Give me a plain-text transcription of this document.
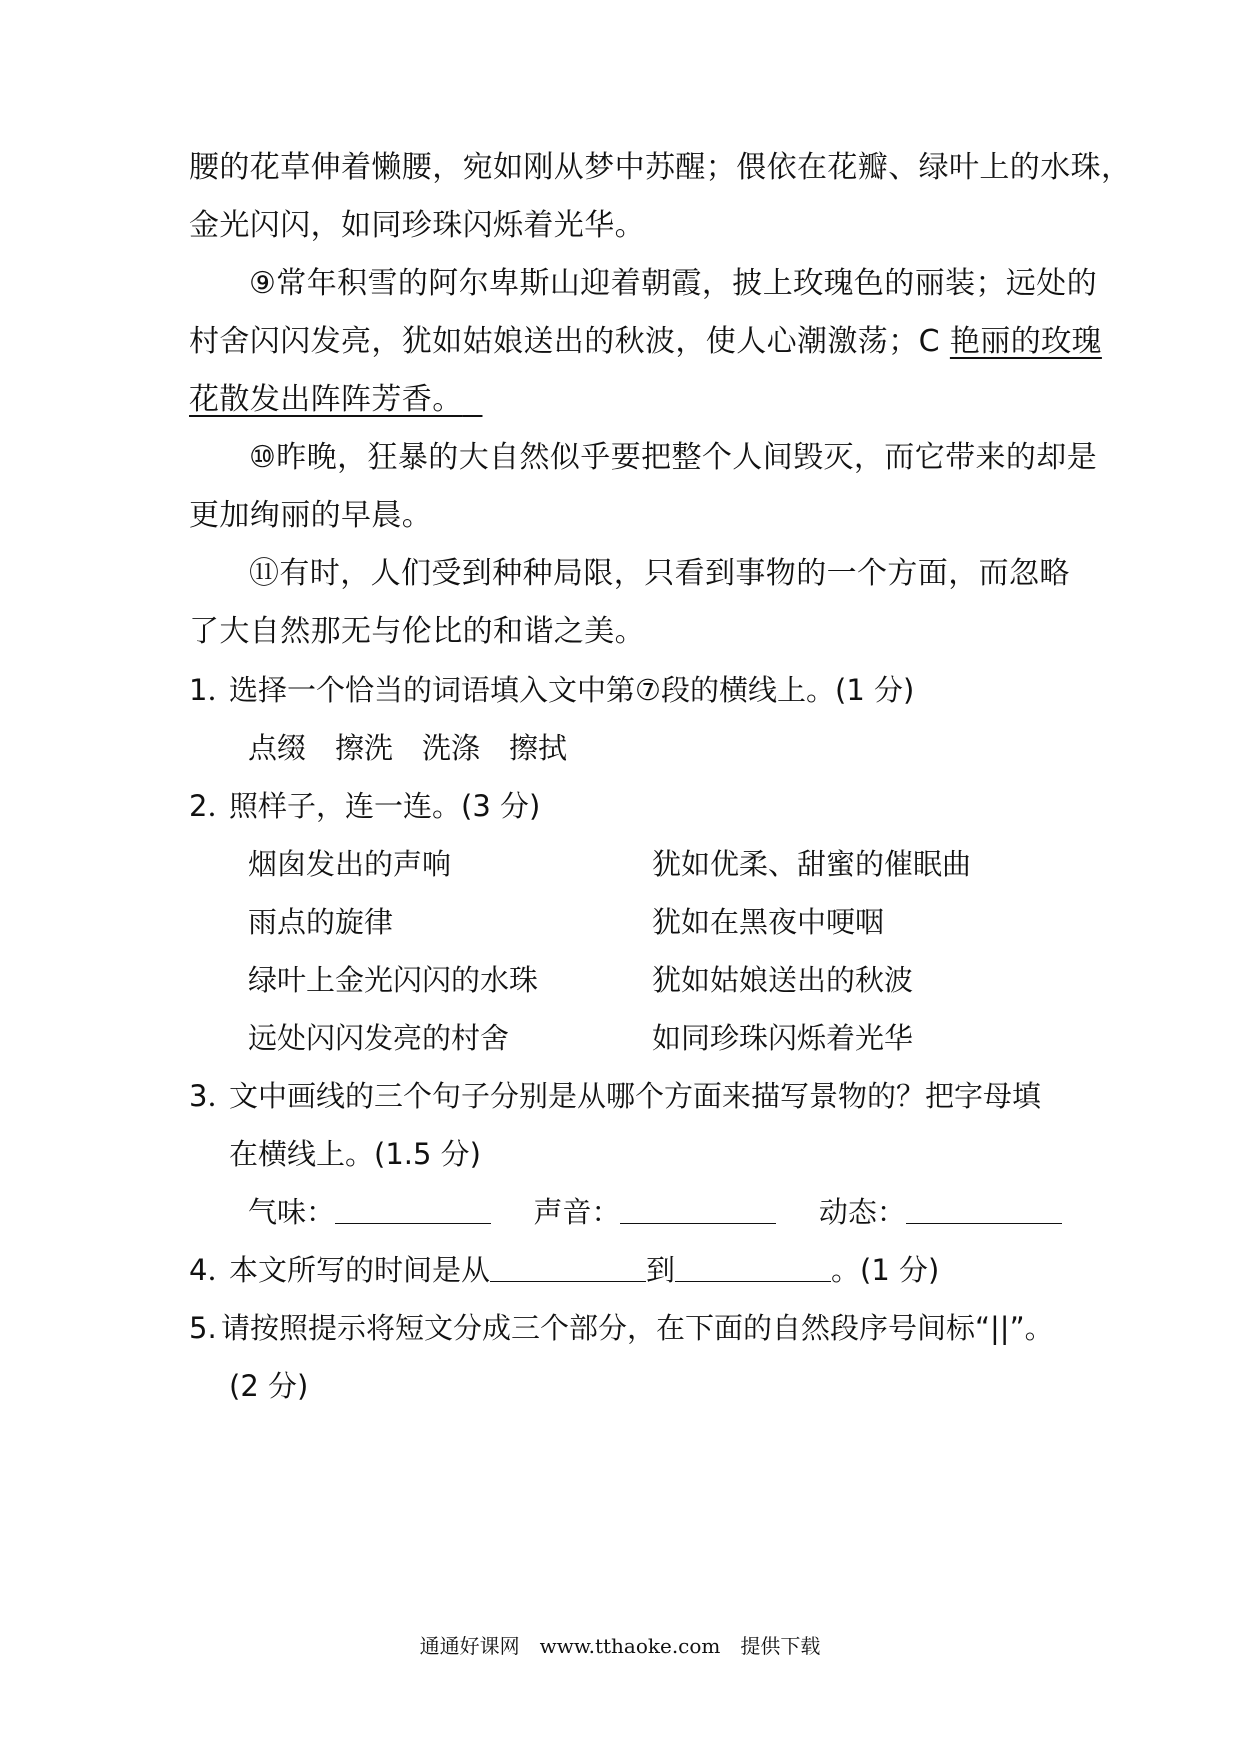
腰的花草伸着懒腰，宛如刚从梦中苏醒；偎依在花瓣、绿叶上的水珠，
金光闪闪，如同珍珠闪烁着光华。
⑨常年积雪的阿尔卑斯山迎着朝霞，披上玫瑰色的丽装；远处的
村舍闪闪发亮，犹如姑娘送出的秋波，使人心潮激荡；C 艳丽的玫瑰
花散发出阵阵芳香。
⑩昨晚，狂暴的大自然似乎要把整个人间毁灭，而它带来的却是
更加绚丽的早晨。
⑪有时，人们受到种种局限，只看到事物的一个方面，而忽略
了大自然那无与伦比的和谐之美。
1．选择一个恰当的词语填入文中第⑦段的横线上。(1 分)
点缀　擦洗　洗涤　擦拭
2．照样子，连一连。(3 分)
烟囱发出的声响	犹如优柔、甜蜜的催眠曲
雨点的旋律	犹如在黑夜中哽咽
绿叶上金光闪闪的水珠	犹如姑娘送出的秋波
远处闪闪发亮的村舍	如同珍珠闪烁着光华
3．文中画线的三个句子分别是从哪个方面来描写景物的？把字母填
在横线上。(1.5 分)
气味：	声音：	动态：
4．本文所写的时间是从	到	。(1 分)
5. 请按照提示将短文分成三个部分，在下面的自然段序号间标“||”。
(2 分)
通通好课网　www.tthaoke.com　提供下载
